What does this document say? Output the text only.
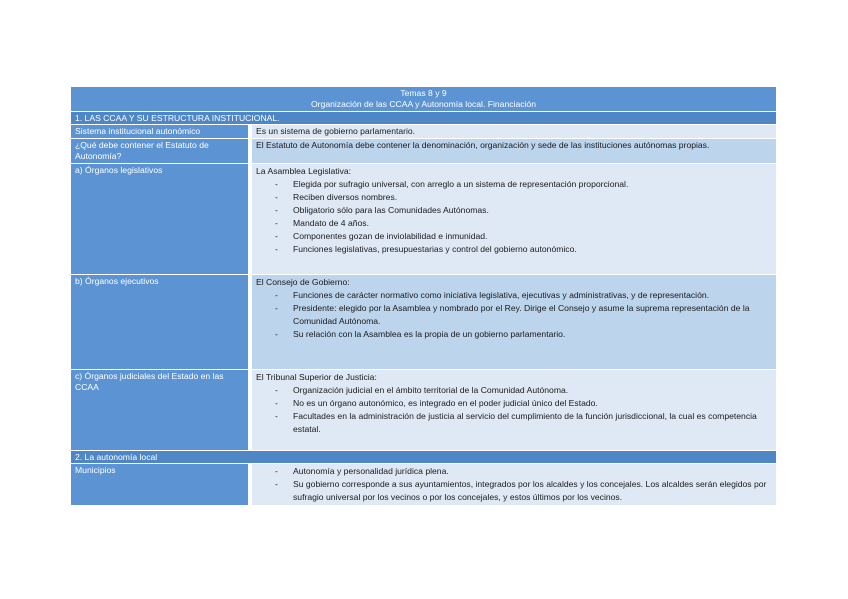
Temas 8 y 9
Organización de las CCAA y Autonomía local. Financiación
1. LAS CCAA Y SU ESTRUCTURA INSTITUCIONAL.
Sistema institucional autonómico	Es un sistema de gobierno parlamentario.
¿Qué debe contener el Estatuto de Autonomía?
El Estatuto de Autonomía debe contener la denominación, organización y sede de las instituciones autónomas propias.
a) Órganos legislativos	La Asamblea Legislativa:
- Elegida por sufragio universal, con arreglo a un sistema de representación proporcional.
- Reciben diversos nombres.
- Obligatorio sólo para las Comunidades Autónomas.
- Mandato de 4 años.
- Componentes gozan de inviolabilidad e inmunidad.
- Funciones legislativas, presupuestarias y control del gobierno autonómico.
b) Órganos ejecutivos	El Consejo de Gobierno:
- Funciones de carácter normativo como iniciativa legislativa, ejecutivas y administrativas, y de representación.
- Presidente: elegido por la Asamblea y nombrado por el Rey. Dirige el Consejo y asume la suprema representación de la Comunidad Autónoma.
- Su relación con la Asamblea es la propia de un gobierno parlamentario.
c) Órganos judiciales del Estado en las CCAA
El Tribunal Superior de Justicia:
- Organización judicial en el ámbito territorial de la Comunidad Autónoma.
- No es un órgano autonómico, es integrado en el poder judicial único del Estado.
- Facultades en la administración de justicia al servicio del cumplimiento de la función jurisdiccional, la cual es competencia estatal.
2. La autonomía local
Municipios
-	Autonomía y personalidad jurídica plena.
- Su gobierno corresponde a sus ayuntamientos, integrados por los alcaldes y los concejales. Los alcaldes serán elegidos por sufragio universal por los vecinos o por los concejales, y estos últimos por los vecinos.
